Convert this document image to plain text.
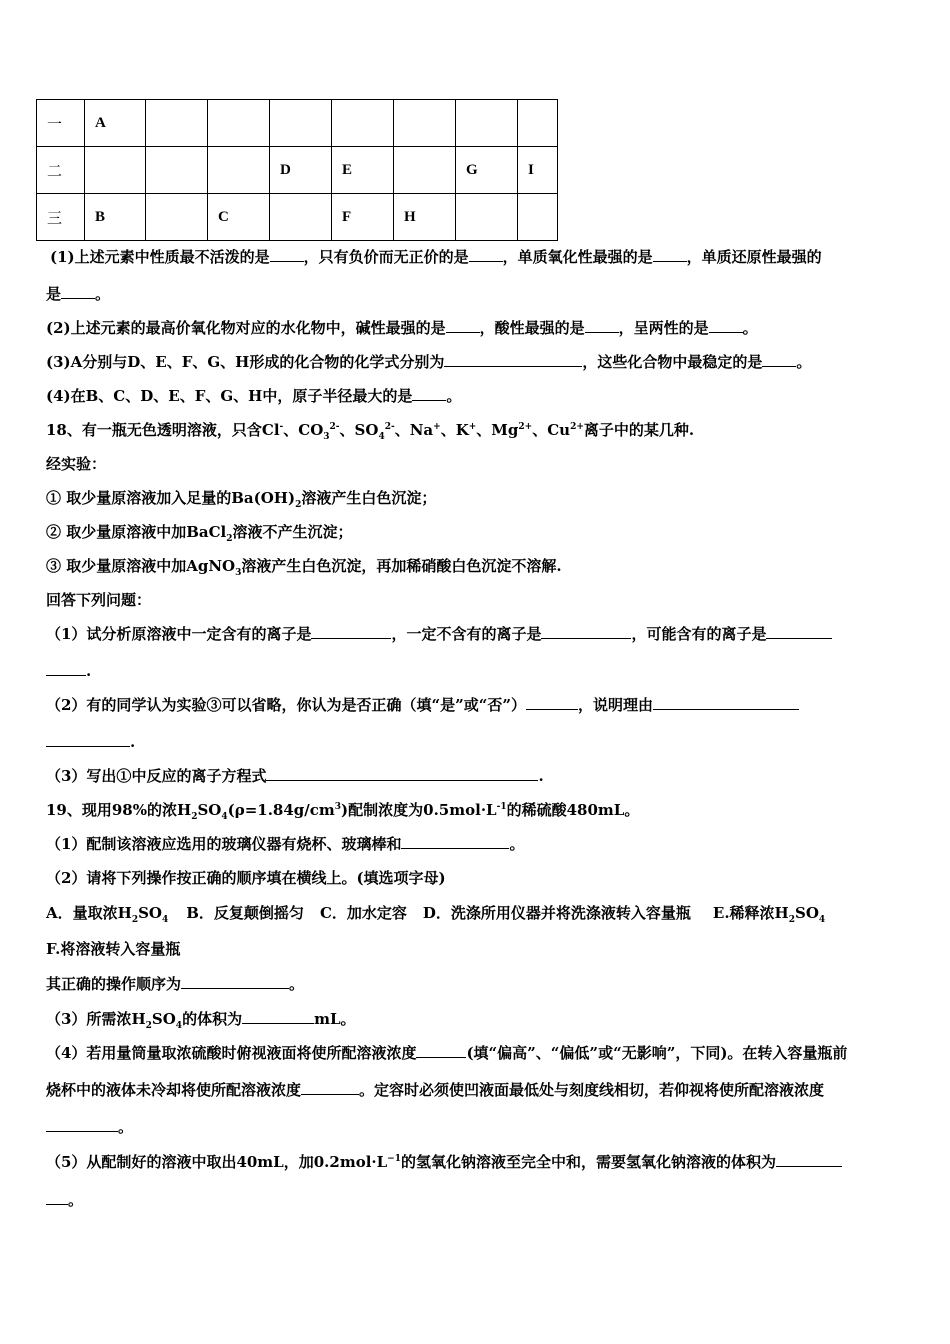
一	A							
二				D	E		G	I
三	B		C		F	H		
(1)上述元素中性质最不活泼的是 ，只有负价而无正价的是 ，单质氧化性最强的是 ，单质还原性最强的
是 。
(2)上述元素的最高价氧化物对应的水化物中，碱性最强的是 ，酸性最强的是 ，呈两性的是 。
(3)A分别与D、E、F、G、H形成的化合物的化学式分别为	，这些化合物中最稳定的是 。
(4)在B、C、D、E、F、G、H中，原子半径最大的是 。
18、有一瓶无色透明溶液，只含Cl-、$CO_3^{2-}$、$SO_4^{2-}$、Na+、K+、$Mg^{2+}$、$Cu^{2+}$离子中的某几种.
经实验：
① 取少量原溶液加入足量的$Ba(OH)_2$溶液产生白色沉淀；
② 取少量原溶液中加BaCl$_2$溶液不产生沉淀；
③ 取少量原溶液中加AgNO$_3$溶液产生白色沉淀，再加稀硝酸白色沉淀不溶解.
回答下列问题：
（1）试分析原溶液中一定含有的离子是	，一定不含有的离子是	，可能含有的离子是
.
（2）有的同学认为实验③可以省略，你认为是否正确（填“是”或“否”）	，说明理由
.
（3）写出①中反应的离子方程式	.
19、现用98%的浓$H_2SO_4(\rho=1.84g/cm^3)$配制浓度为$0.5mol\cdot L^{-1}$的稀硫酸480mL。
（1）配制该溶液应选用的玻璃仪器有烧杯、玻璃棒和	。
（2）请将下列操作按正确的顺序填在横线上。(填选项字母)
A．量取浓$H_2SO_4$ B．反复颠倒摇匀 C．加水定容 D．洗涤所用仪器并将洗涤液转入容量瓶 E.稀释浓$H_2SO_4$
F.将溶液转入容量瓶
其正确的操作顺序为	。
（3）所需浓$H_2SO_4$的体积为	mL。
（4）若用量筒量取浓硫酸时俯视液面将使所配溶液浓度	(填“偏高”、“偏低”或“无影响”，下同)。在转入容量瓶前
烧杯中的液体未冷却将使所配溶液浓度	。定容时必须使凹液面最低处与刻度线相切，若仰视将使所配溶液浓度
。
（5）从配制好的溶液中取出40mL，加$0.2mol\cdot L^{-1}$的氢氧化钠溶液至完全中和，需要氢氧化钠溶液的体积为
。
